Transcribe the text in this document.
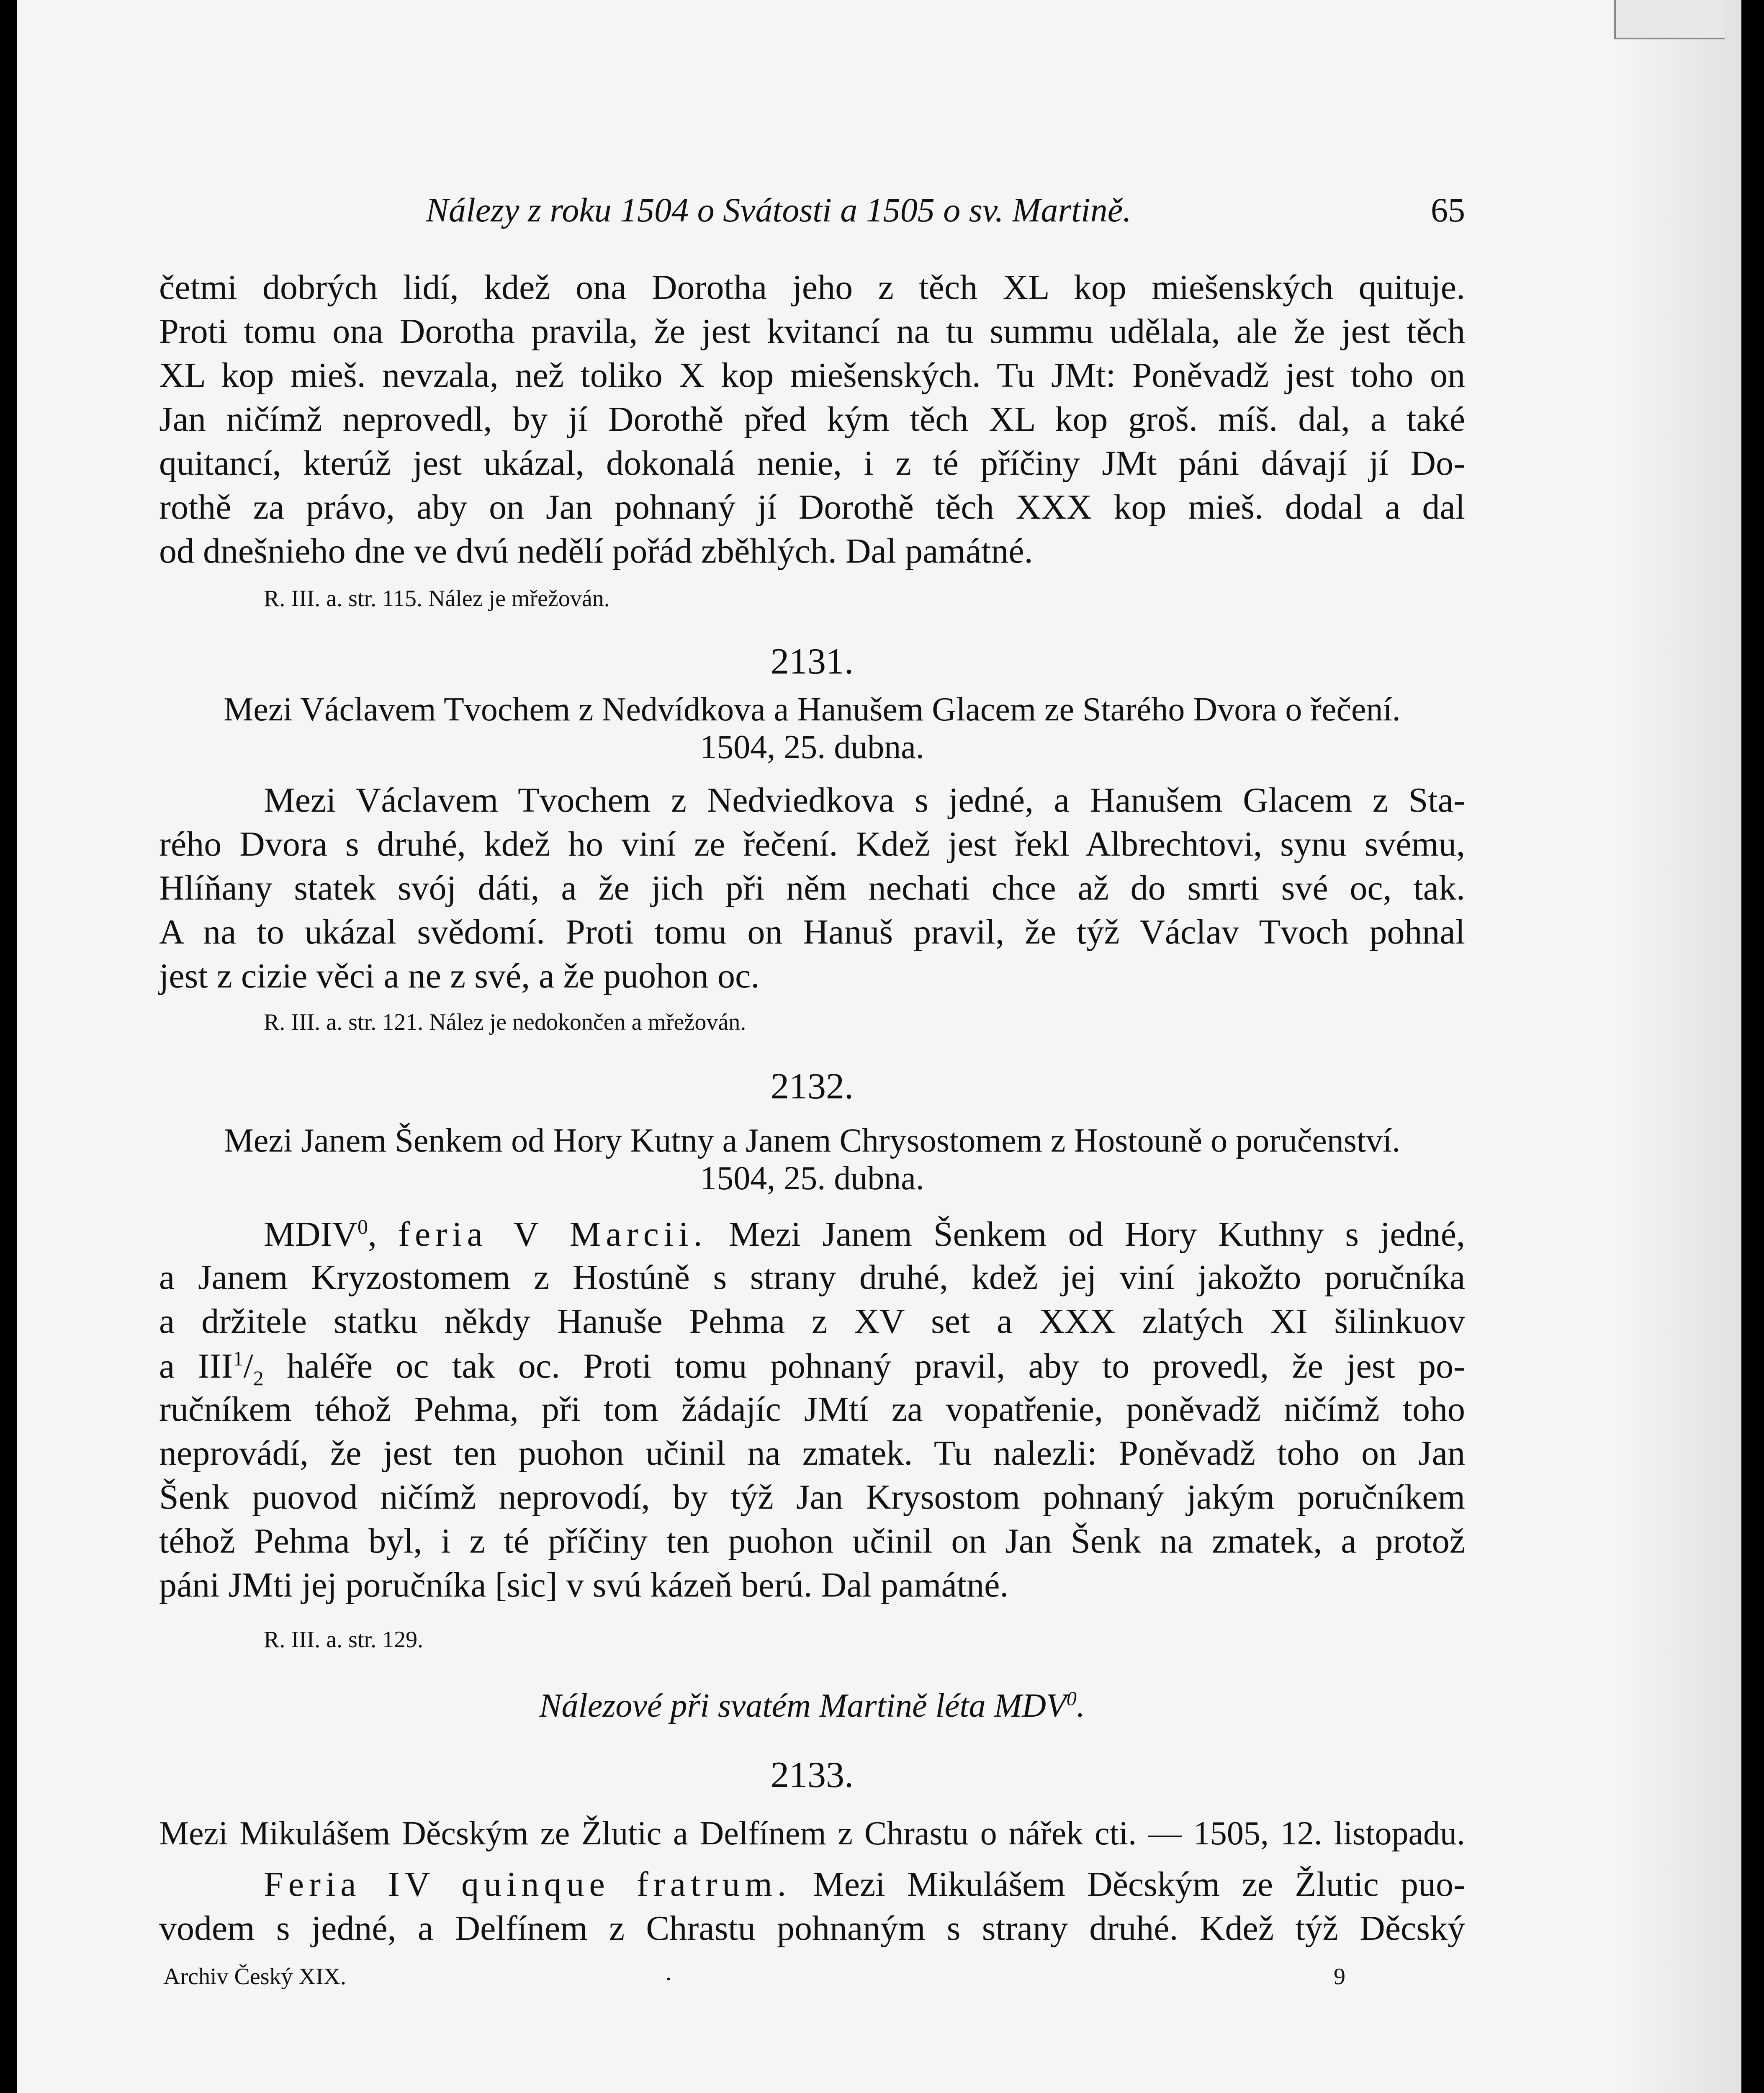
Nálezy z roku 1504 o Svátosti a 1505 o sv. Martině.	65
četmi dobrých lidí, kdež ona Dorotha jeho z těch XL kop miešenských quituje.
Proti tomu ona Dorotha pravila, že jest kvitancí na tu summu udělala, ale že jest těch
XL kop mieš. nevzala, než toliko X kop miešenských. Tu JMt: Poněvadž jest toho on
Jan ničímž neprovedl, by jí Dorothě před kým těch XL kop groš. míš. dal, a také
quitancí, kterúž jest ukázal, dokonalá nenie, i z té příčiny JMt páni dávají jí Do-
rothě za právo, aby on Jan pohnaný jí Dorothě těch XXX kop mieš. dodal a dal
od dnešnieho dne ve dvú nedělí pořád zběhlých. Dal památné.
R. III. a. str. 115. Nález je mřežován.
2131.
Mezi Václavem Tvochem z Nedvídkova a Hanušem Glacem ze Starého Dvora o řečení.
1504, 25. dubna.
Mezi Václavem Tvochem z Nedviedkova s jedné, a Hanušem Glacem z Sta-
rého Dvora s druhé, kdež ho viní ze řečení. Kdež jest řekl Albrechtovi, synu svému,
Hlíňany statek svój dáti, a že jich při něm nechati chce až do smrti své oc, tak.
A na to ukázal svědomí. Proti tomu on Hanuš pravil, že týž Václav Tvoch pohnal
jest z cizie věci a ne z své, a že puohon oc.
R. III. a. str. 121. Nález je nedokončen a mřežován.
2132.
Mezi Janem Šenkem od Hory Kutny a Janem Chrysostomem z Hostouně o poručenství.
1504, 25. dubna.
MDIV$^0$, feria V Marcii. Mezi Janem Šenkem od Hory Kuthny s jedné,
a Janem Kryzostomem z Hostúně s strany druhé, kdež jej viní jakožto poručníka
a držitele statku někdy Hanuše Pehma z XV set a XXX zlatých XI šilinkuov
a $III^1/_2$ haléře oc tak oc. Proti tomu pohnaný pravil, aby to provedl, že jest po-
ručníkem téhož Pehma, při tom žádajíc JMtí za vopatřenie, poněvadž ničímž toho
neprovádí, že jest ten puohon učinil na zmatek. Tu nalezli: Poněvadž toho on Jan
Šenk puovod ničímž neprovodí, by týž Jan Krysostom pohnaný jakým poručníkem
téhož Pehma byl, i z té příčiny ten puohon učinil on Jan Šenk na zmatek, a protož
páni JMti jej poručníka [sic] v svú kázeň berú. Dal památné.
R. III. a. str. 129.
Nálezové při svatém Martině léta MDV$^0$.
2133.
Mezi Mikulášem Děcským ze Žlutic a Delfínem z Chrastu o nářek cti. — 1505, 12. listopadu.
Feria IV quinque fratrum. Mezi Mikulášem Děcským ze Žlutic puo-
vodem s jedné, a Delfínem z Chrastu pohnaným s strany druhé. Kdež týž Děcský
Archiv Český XIX.	.	9
